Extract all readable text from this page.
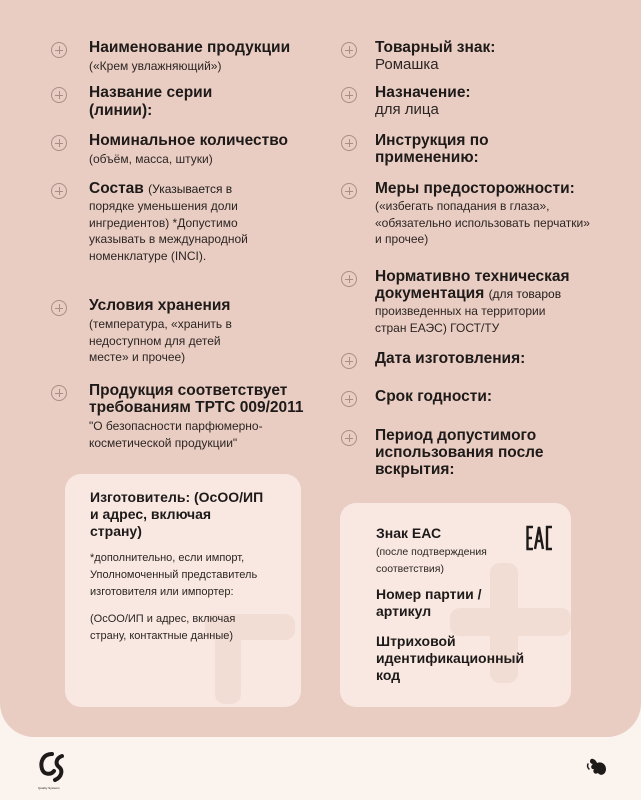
Наименование продукции
(«Крем увлажняющий»)
Название серии (линии):
Номинальное количество
(объём, масса, штуки)
Состав (Указывается в
порядке уменьшения доли ингредиентов) *Допустимо указывать в международной номенклатуре (INCI).
Условия хранения
(температура, «хранить в недоступном для детей месте» и прочее)
Продукция соответствует требованиям ТРТС 009/2011
"О безопасности парфюмерно-косметической продукции"
Товарный знак:
Ромашка
Назначение:
для лица
Инструкция по применению:
Меры предосторожности:
(«избегать попадания в глаза», «обязательно использовать перчатки» и прочее)
Нормативно техническая документация (для товаров
произведенных на территории стран ЕАЭС) ГОСТ/ТУ
Дата изготовления:
Срок годности:
Период допустимого использования после вскрытия:
Изготовитель: (ОсОО/ИП и адрес, включая страну)
*дополнительно, если импорт, Уполномоченный представитель изготовителя или импортер:
(ОсОО/ИП и адрес, включая страну, контактные данные)
Знак ЕАС
(после подтверждения соответствия)
Номер партии / артикул
Штриховой идентификационный код
Quality Systems
